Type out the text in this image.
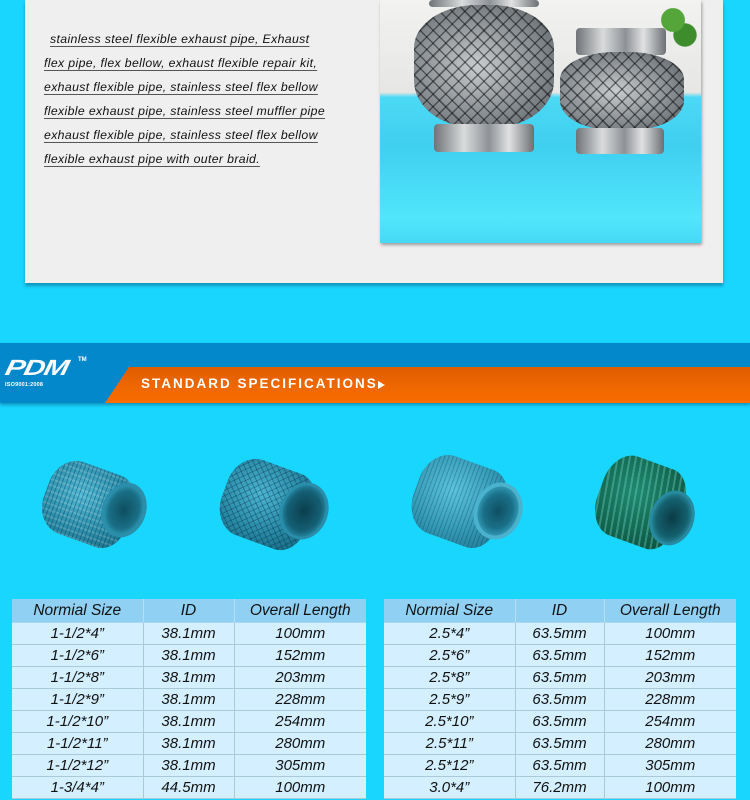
stainless steel flexible exhaust pipe, Exhaust
flex pipe, flex bellow, exhaust flexible repair kit,
exhaust flexible pipe, stainless steel flex bellow
flexible exhaust pipe, stainless steel muffler pipe
exhaust flexible pipe, stainless steel flex bellow
flexible exhaust pipe with outer braid.
PDM TM
ISO9001:2008	STANDARD SPECIFICATIONS
Normial Size	ID	Overall Length
1-1/2*4”	38.1mm	100mm
1-1/2*6”	38.1mm	152mm
1-1/2*8”	38.1mm	203mm
1-1/2*9”	38.1mm	228mm
1-1/2*10”	38.1mm	254mm
1-1/2*11”	38.1mm	280mm
1-1/2*12”	38.1mm	305mm
1-3/4*4”	44.5mm	100mm
Normial Size	ID	Overall Length
2.5*4”	63.5mm	100mm
2.5*6”	63.5mm	152mm
2.5*8”	63.5mm	203mm
2.5*9”	63.5mm	228mm
2.5*10”	63.5mm	254mm
2.5*11”	63.5mm	280mm
2.5*12”	63.5mm	305mm
3.0*4”	76.2mm	100mm
